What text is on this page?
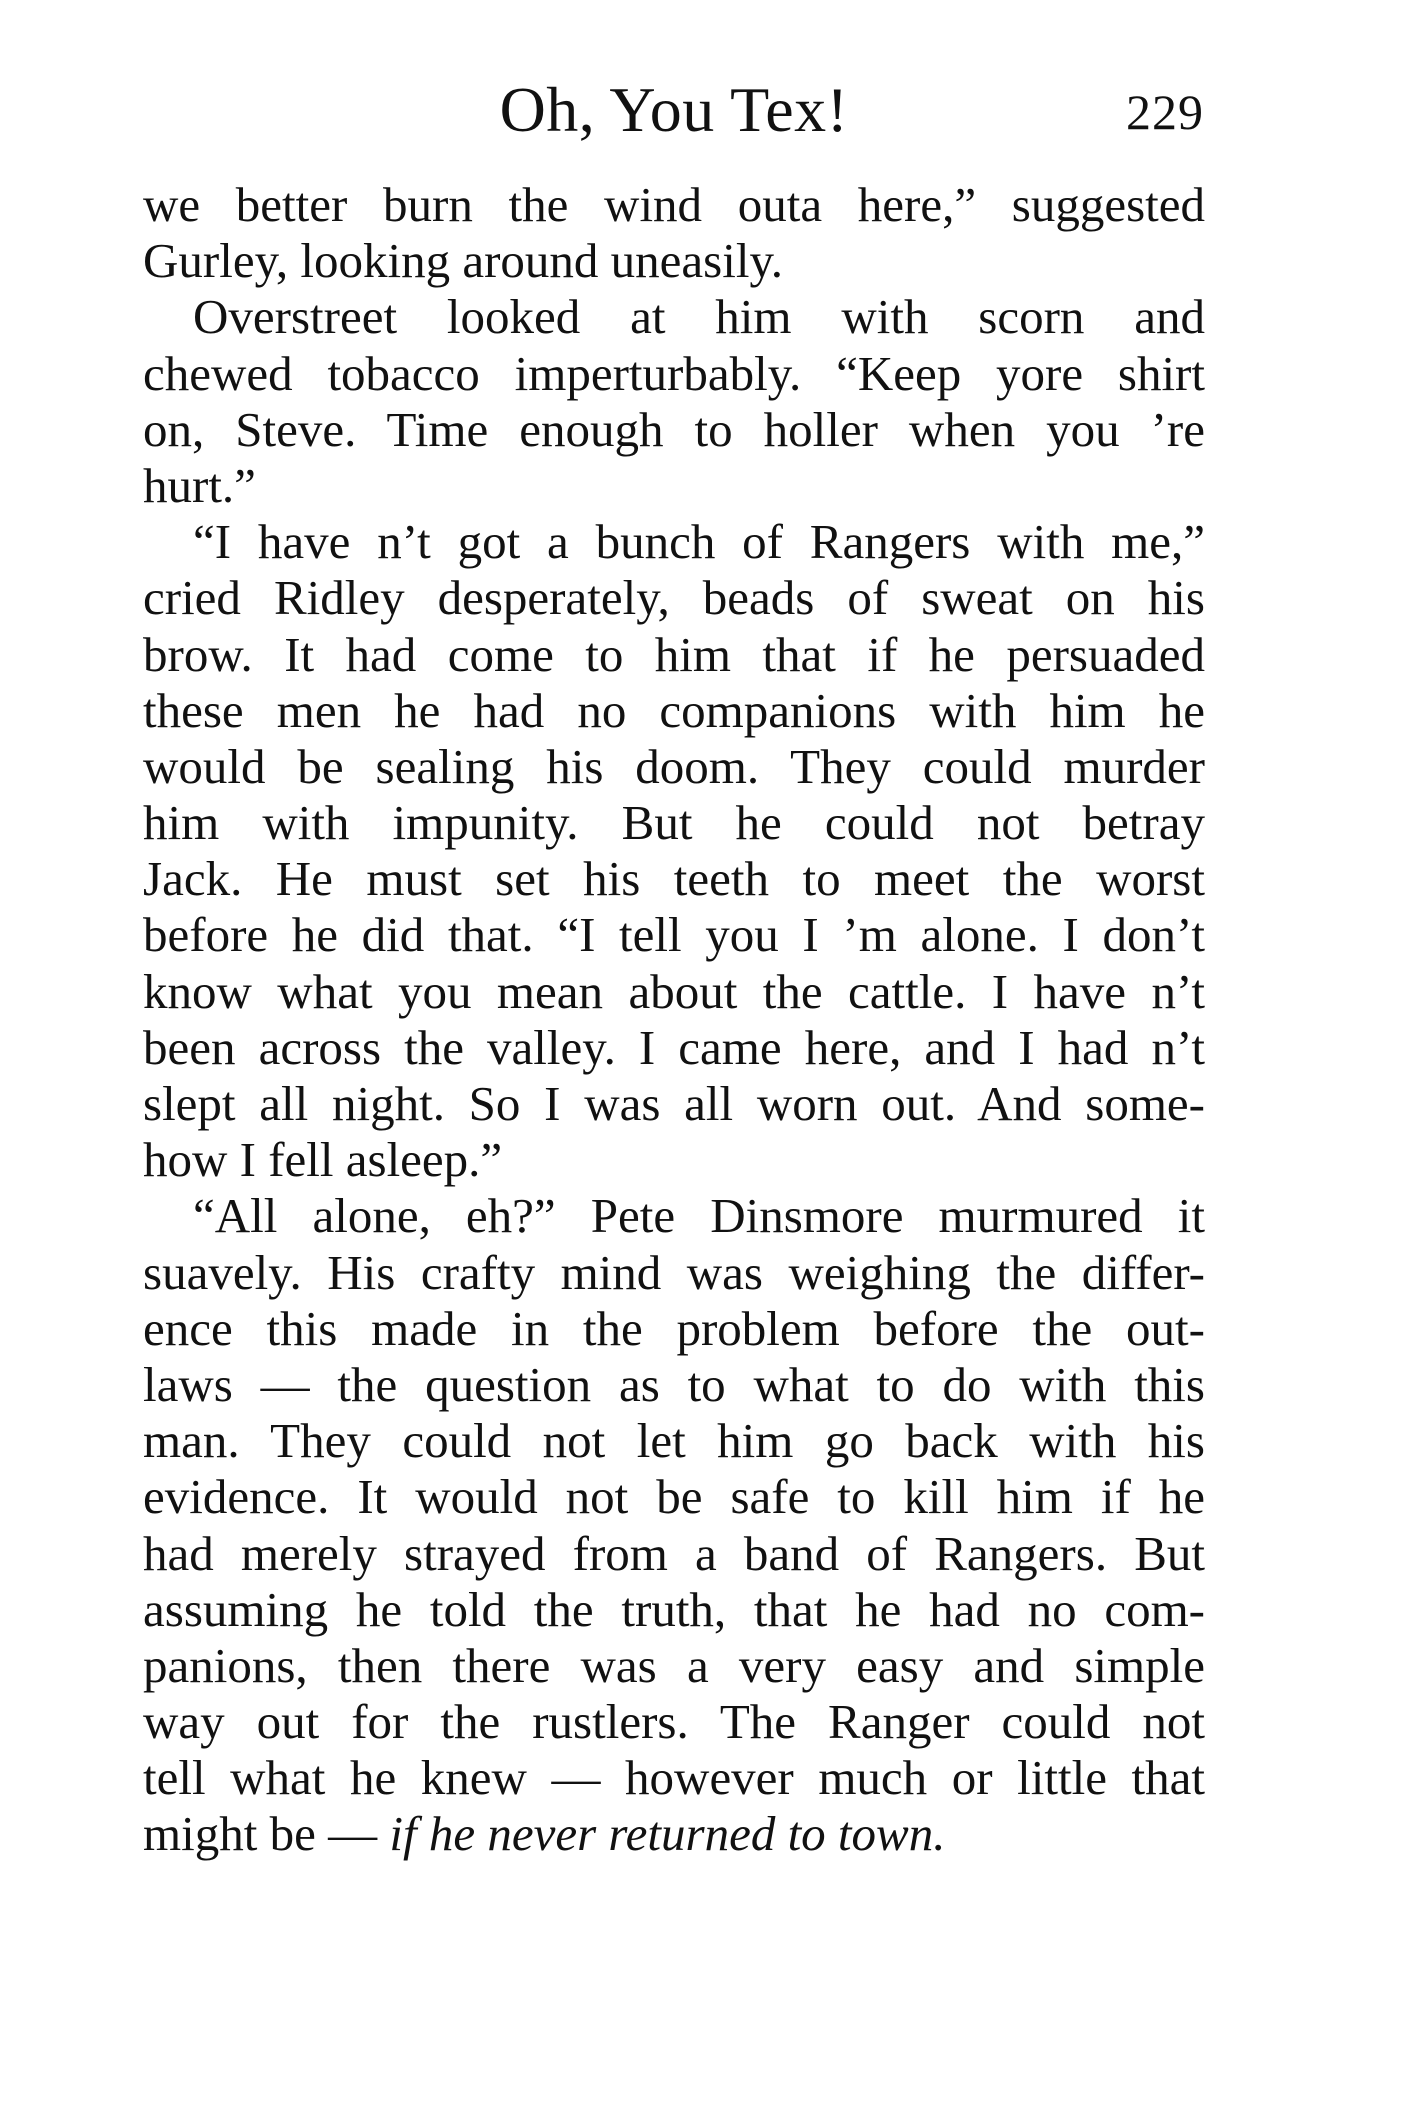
Oh, You Tex!	229
we better burn the wind outa here,” suggested
Gurley, looking around uneasily.
Overstreet looked at him with scorn and
chewed tobacco imperturbably. “Keep yore shirt
on, Steve. Time enough to holler when you ’re
hurt.”
“I have n’t got a bunch of Rangers with me,”
cried Ridley desperately, beads of sweat on his
brow. It had come to him that if he persuaded
these men he had no companions with him he
would be sealing his doom. They could murder
him with impunity. But he could not betray
Jack. He must set his teeth to meet the worst
before he did that. “I tell you I ’m alone. I don’t
know what you mean about the cattle. I have n’t
been across the valley. I came here, and I had n’t
slept all night. So I was all worn out. And some-
how I fell asleep.”
“All alone, eh?” Pete Dinsmore murmured it
suavely. His crafty mind was weighing the differ-
ence this made in the problem before the out-
laws — the question as to what to do with this
man. They could not let him go back with his
evidence. It would not be safe to kill him if he
had merely strayed from a band of Rangers. But
assuming he told the truth, that he had no com-
panions, then there was a very easy and simple
way out for the rustlers. The Ranger could not
tell what he knew — however much or little that
might be — if he never returned to town.
